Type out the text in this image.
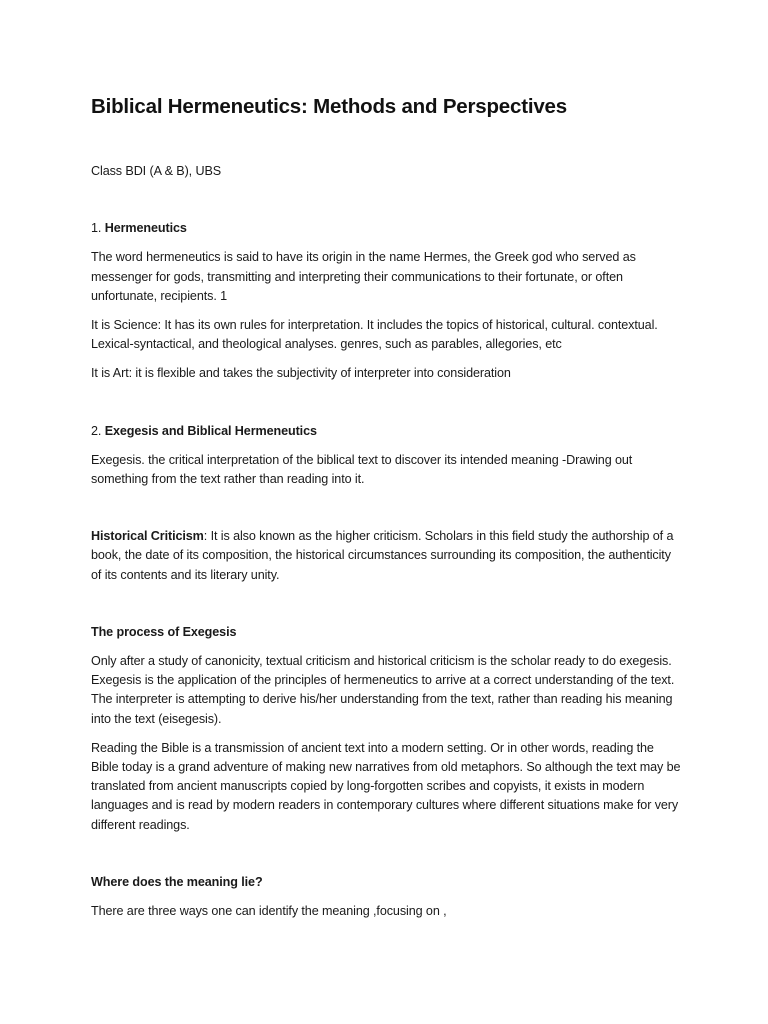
Biblical Hermeneutics: Methods and Perspectives

Class BDI (A & B), UBS

1. Hermeneutics

The word hermeneutics is said to have its origin in the name Hermes, the Greek god who served as messenger for gods, transmitting and interpreting their communications to their fortunate, or often unfortunate, recipients. 1

It is Science: It has its own rules for interpretation. It includes the topics of historical, cultural. contextual. Lexical-syntactical, and theological analyses. genres, such as parables, allegories, etc

It is Art: it is flexible and takes the subjectivity of interpreter into consideration

2. Exegesis and Biblical Hermeneutics

Exegesis. the critical interpretation of the biblical text to discover its intended meaning -Drawing out something from the text rather than reading into it.

Historical Criticism: It is also known as the higher criticism. Scholars in this field study the authorship of a book, the date of its composition, the historical circumstances surrounding its composition, the authenticity of its contents and its literary unity.

The process of Exegesis

Only after a study of canonicity, textual criticism and historical criticism is the scholar ready to do exegesis. Exegesis is the application of the principles of hermeneutics to arrive at a correct understanding of the text. The interpreter is attempting to derive his/her understanding from the text, rather than reading his meaning into the text (eisegesis).

Reading the Bible is a transmission of ancient text into a modern setting. Or in other words, reading the Bible today is a grand adventure of making new narratives from old metaphors. So although the text may be translated from ancient manuscripts copied by long-forgotten scribes and copyists, it exists in modern languages and is read by modern readers in contemporary cultures where different situations make for very different readings.

Where does the meaning lie?

There are three ways one can identify the meaning ,focusing on ,
